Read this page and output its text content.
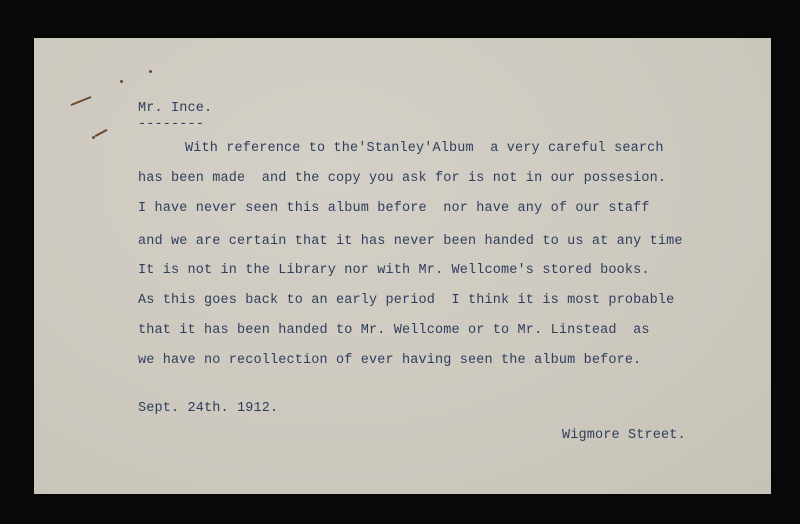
Mr. Ince.
--------
With reference to the'Stanley'Album  a very careful search
has been made  and the copy you ask for is not in our possesion.
I have never seen this album before  nor have any of our staff
and we are certain that it has never been handed to us at any time
It is not in the Library nor with Mr. Wellcome's stored books.
As this goes back to an early period  I think it is most probable
that it has been handed to Mr. Wellcome or to Mr. Linstead  as
we have no recollection of ever having seen the album before.
Sept. 24th. 1912.
Wigmore Street.
